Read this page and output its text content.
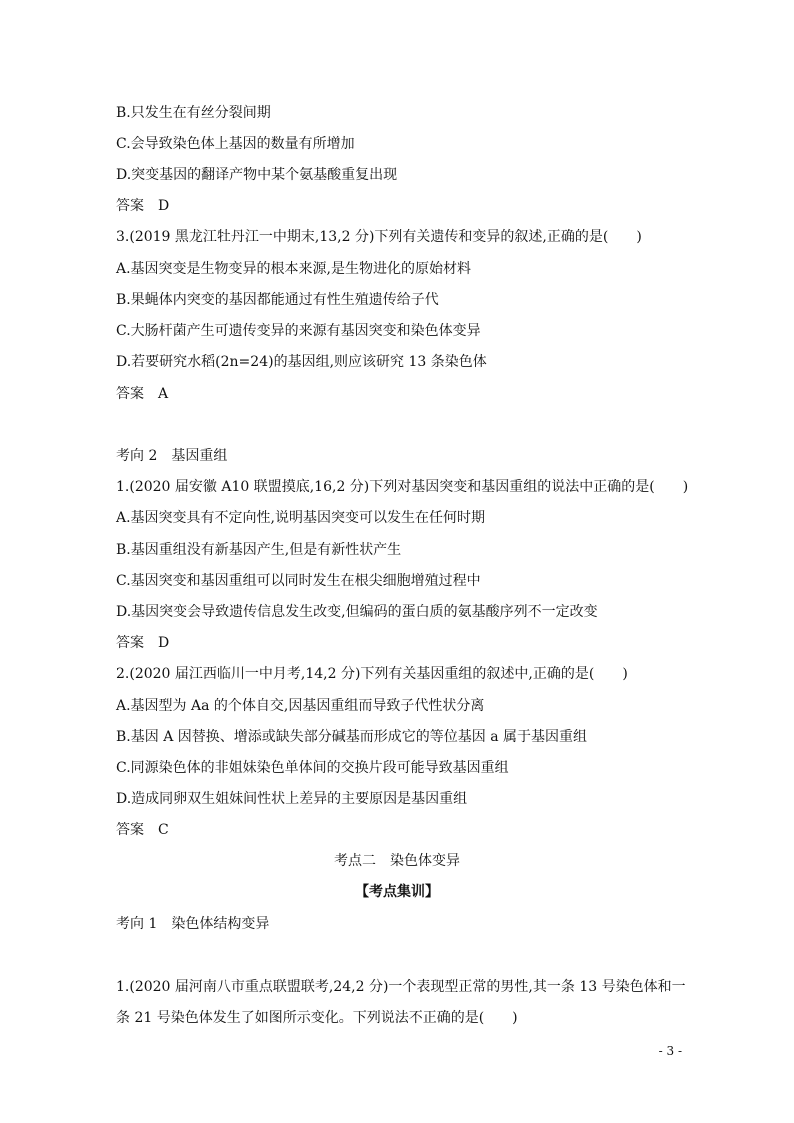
B.只发生在有丝分裂间期
C.会导致染色体上基因的数量有所增加
D.突变基因的翻译产物中某个氨基酸重复出现
答案　D
3.(2019 黑龙江牡丹江一中期末,13,2 分)下列有关遗传和变异的叙述,正确的是(　　)
A.基因突变是生物变异的根本来源,是生物进化的原始材料
B.果蝇体内突变的基因都能通过有性生殖遗传给子代
C.大肠杆菌产生可遗传变异的来源有基因突变和染色体变异
D.若要研究水稻(2n=24)的基因组,则应该研究 13 条染色体
答案　A
考向 2　基因重组
1.(2020 届安徽 A10 联盟摸底,16,2 分)下列对基因突变和基因重组的说法中正确的是(　　)
A.基因突变具有不定向性,说明基因突变可以发生在任何时期
B.基因重组没有新基因产生,但是有新性状产生
C.基因突变和基因重组可以同时发生在根尖细胞增殖过程中
D.基因突变会导致遗传信息发生改变,但编码的蛋白质的氨基酸序列不一定改变
答案　D
2.(2020 届江西临川一中月考,14,2 分)下列有关基因重组的叙述中,正确的是(　　)
A.基因型为 Aa 的个体自交,因基因重组而导致子代性状分离
B.基因 A 因替换、增添或缺失部分碱基而形成它的等位基因 a 属于基因重组
C.同源染色体的非姐妹染色单体间的交换片段可能导致基因重组
D.造成同卵双生姐妹间性状上差异的主要原因是基因重组
答案　C
考点二　染色体变异
【考点集训】
考向 1　染色体结构变异
1.(2020 届河南八市重点联盟联考,24,2 分)一个表现型正常的男性,其一条 13 号染色体和一
条 21 号染色体发生了如图所示变化。下列说法不正确的是(　　)
- 3 -
